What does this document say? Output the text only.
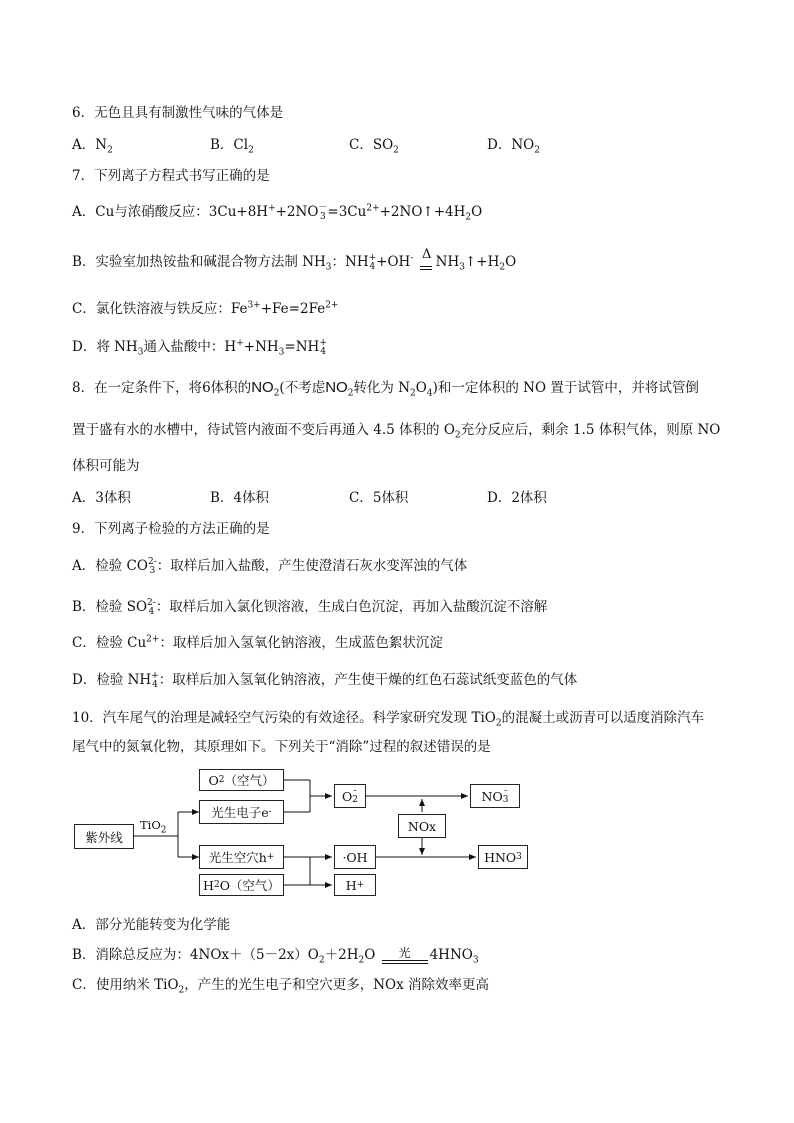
6．无色且具有制激性气味的气体是
A．$N_2$	B．$Cl_2$	C．$SO_2$	D．$NO_2$
7．下列离子方程式书写正确的是
A．Cu与浓硝酸反应：3Cu+8H++2NO －
$3 =3Cu^{2+}+2NO↑+4H_2O$
B．实验室加热铵盐和碱混合物方法制 $NH_3$：NH +
4 +OH- Δ $NH_3↑+H_2O$
C．氯化铁溶液与铁反应：$Fe^{3+}+Fe=2Fe^{2+}$
D．将 $NH_3$通入盐酸中：$H^++NH_3=NH$ +
4
8．在一定条件下，将6体积的$NO_2$(不考虑$NO_2$转化为 $N_2O_4$)和一定体积的 NO 置于试管中，并将试管倒
置于盛有水的水槽中，待试管内液面不变后再通入 4.5 体积的 $O_2$充分反应后，剩余 1.5 体积气体，则原 NO
体积可能为
A．3体积	B．4体积	C．5体积	D．2体积
9．下列离子检验的方法正确的是
A．检验 CO 2-
3 ：取样后加入盐酸，产生使澄清石灰水变浑浊的气体
B．检验 SO 2-
4 ：取样后加入氯化钡溶液，生成白色沉淀，再加入盐酸沉淀不溶解
C．检验 $Cu^{2+}$：取样后加入氢氧化钠溶液，生成蓝色絮状沉淀
D．检验 NH +
4 ：取样后加入氢氧化钠溶液，产生使干燥的红色石蕊试纸变蓝色的气体
10．汽车尾气的治理是减轻空气污染的有效途径。科学家研究发现 TiO$_2$的混凝土或沥青可以适度消除汽车
尾气中的氮氧化物，其原理如下。下列关于“消除”过程的叙述错误的是
紫外线
TiO$_2$
O 2 （空气）
光生电子e -
光生空穴h +
H 2 O（空气）
O -
2
NOx
NO -
3
·OH
H +
HNO 3
A．部分光能转变为化学能
B．消除总反应为：$4NOx+(5-2x)O_2+2H_2O$	光	$4HNO_3$
C．使用纳米 TiO$_2$，产生的光生电子和空穴更多，NOx 消除效率更高
